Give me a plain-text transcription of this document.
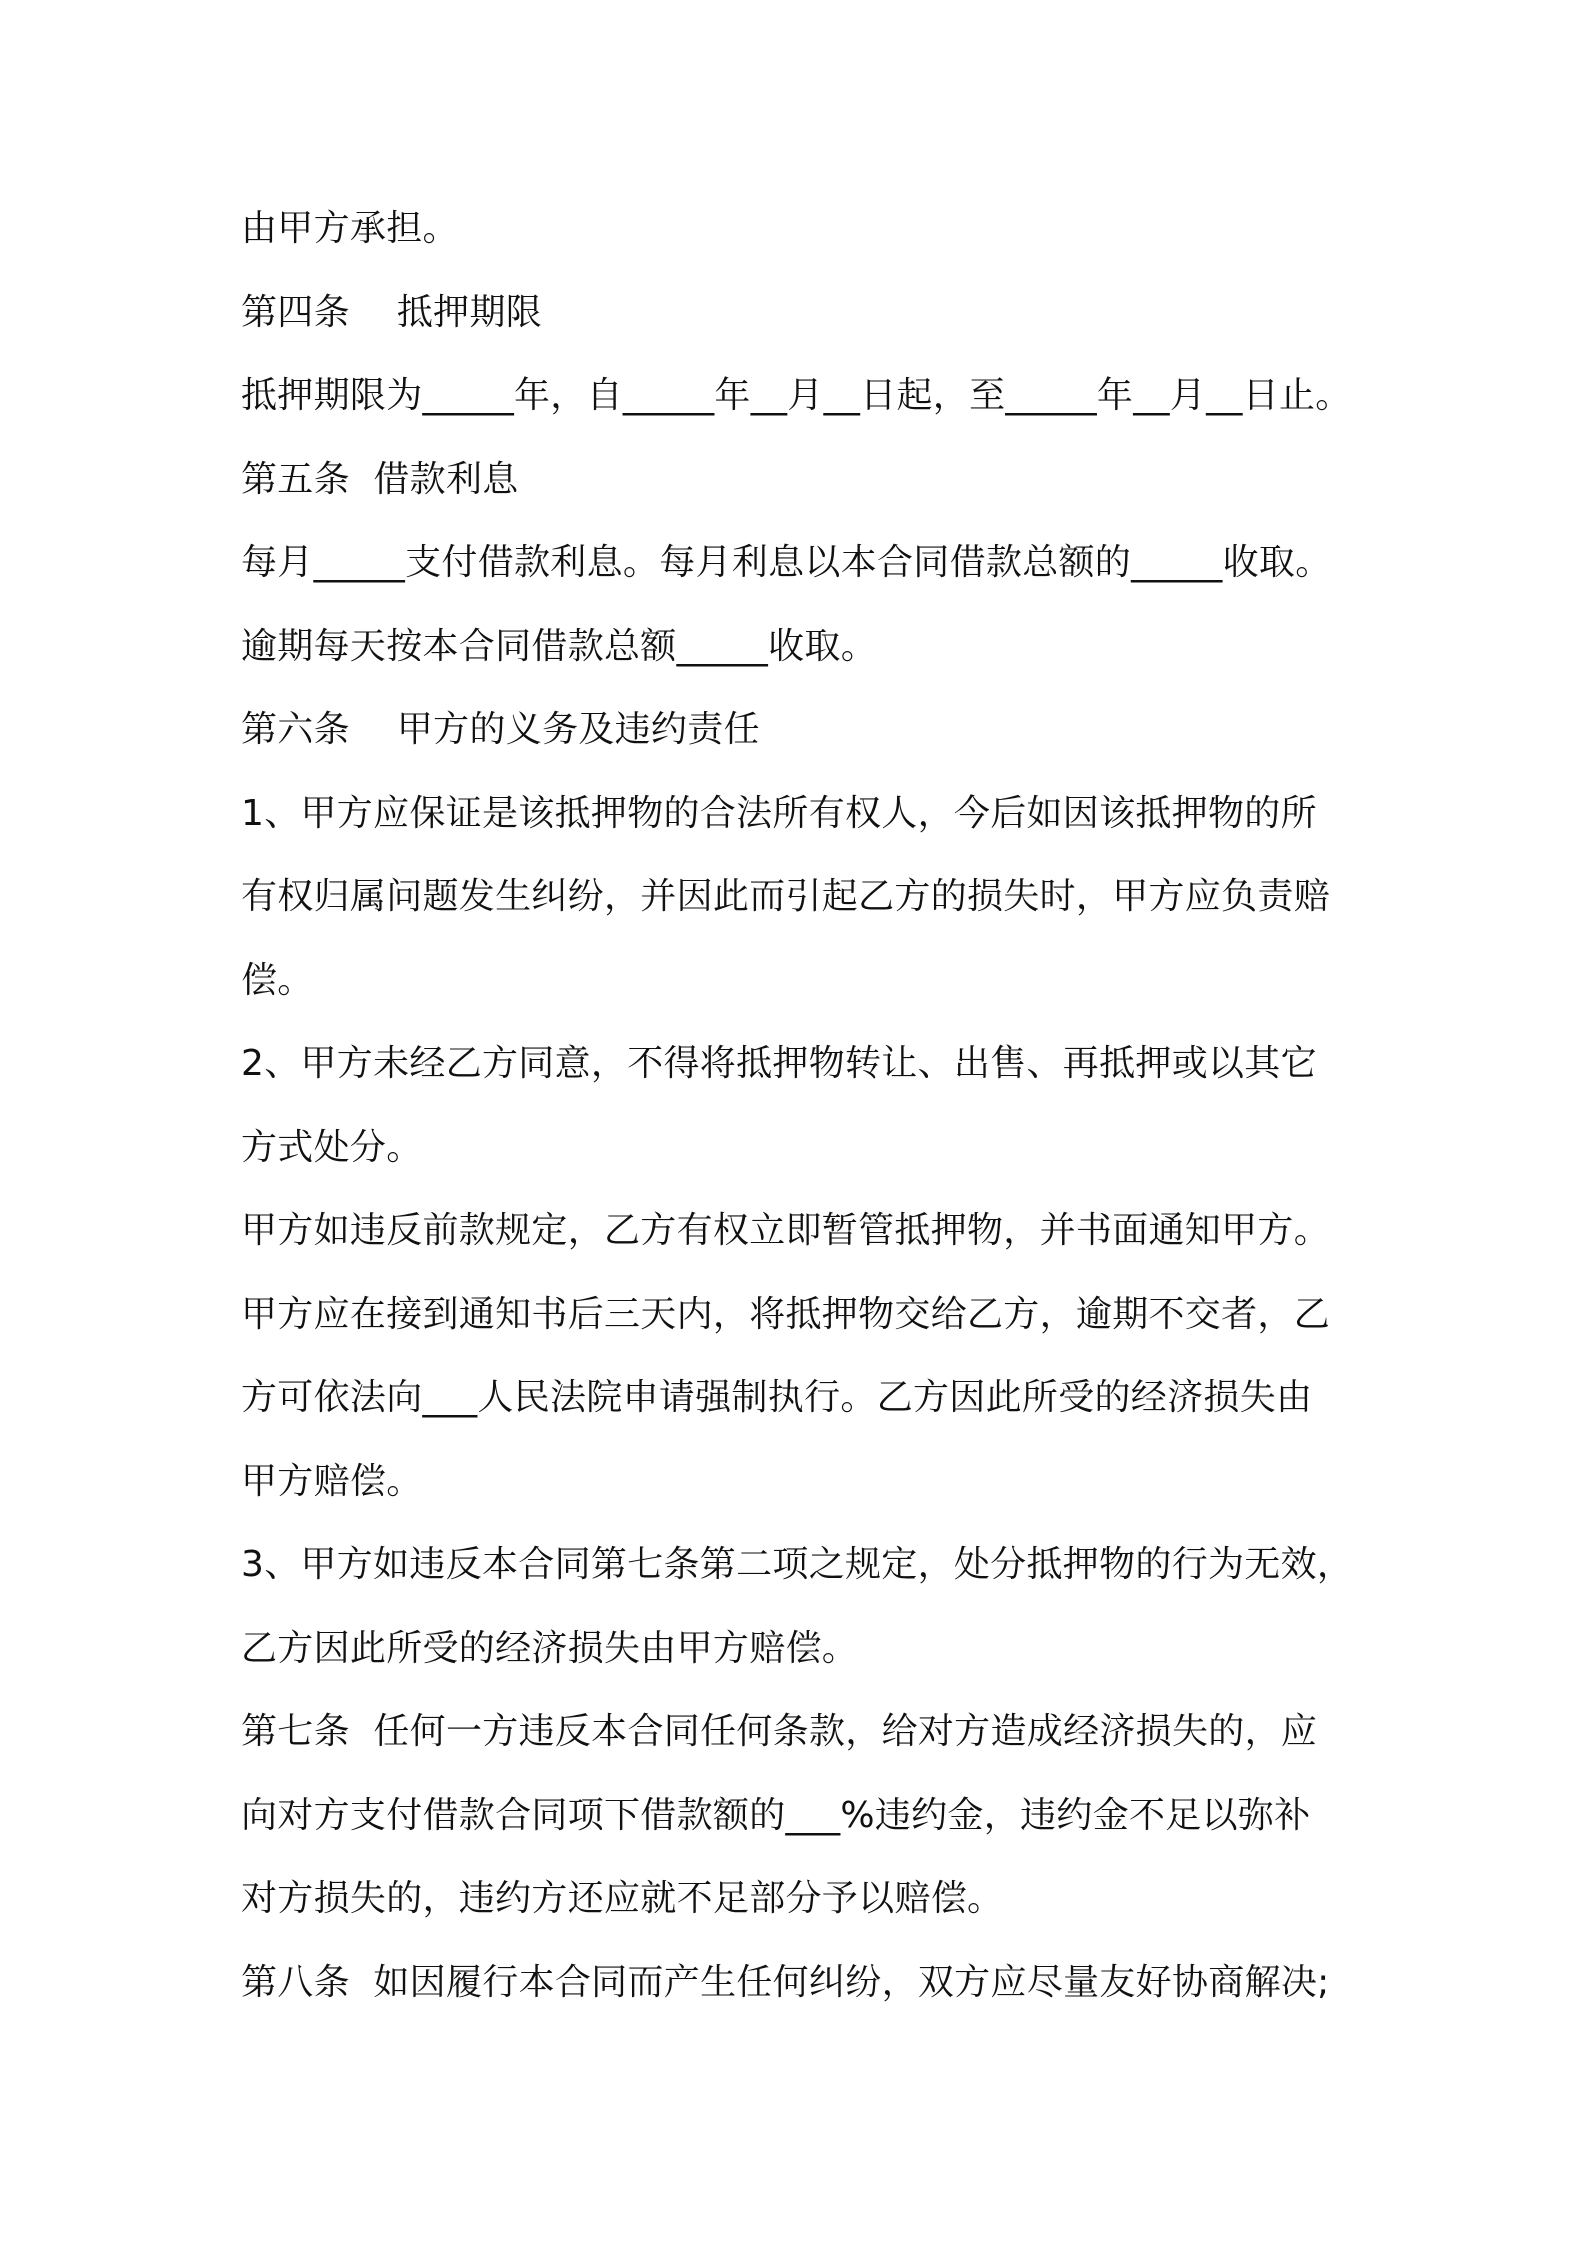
由甲方承担。

第四条    抵押期限

抵押期限为_____年，自_____年__月__日起，至_____年__月__日止。

第五条  借款利息

每月_____支付借款利息。每月利息以本合同借款总额的_____收取。

逾期每天按本合同借款总额_____收取。

第六条    甲方的义务及违约责任

1、甲方应保证是该抵押物的合法所有权人，今后如因该抵押物的所

有权归属问题发生纠纷，并因此而引起乙方的损失时，甲方应负责赔

偿。

2、甲方未经乙方同意，不得将抵押物转让、出售、再抵押或以其它

方式处分。

甲方如违反前款规定，乙方有权立即暂管抵押物，并书面通知甲方。

甲方应在接到通知书后三天内，将抵押物交给乙方，逾期不交者，乙

方可依法向___人民法院申请强制执行。乙方因此所受的经济损失由

甲方赔偿。

3、甲方如违反本合同第七条第二项之规定，处分抵押物的行为无效，

乙方因此所受的经济损失由甲方赔偿。

第七条  任何一方违反本合同任何条款，给对方造成经济损失的，应

向对方支付借款合同项下借款额的___%违约金，违约金不足以弥补

对方损失的，违约方还应就不足部分予以赔偿。

第八条  如因履行本合同而产生任何纠纷，双方应尽量友好协商解决;
